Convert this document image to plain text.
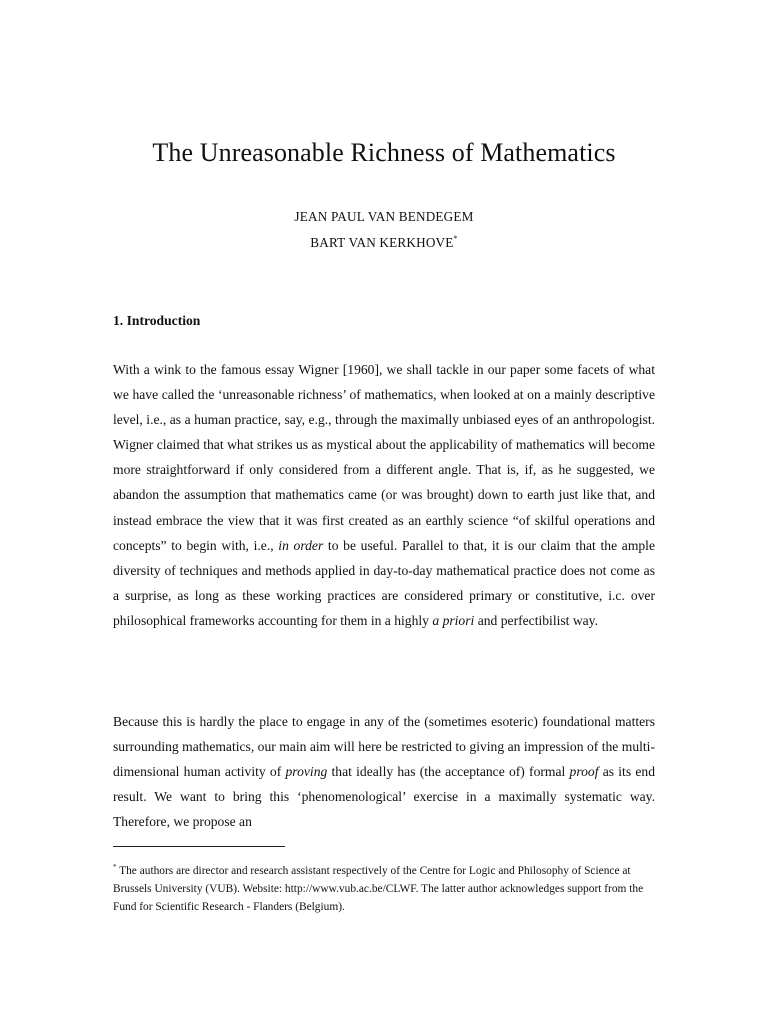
The Unreasonable Richness of Mathematics
JEAN PAUL VAN BENDEGEM
BART VAN KERKHOVE*
1. Introduction

With a wink to the famous essay Wigner [1960], we shall tackle in our paper some facets of what we have called the ‘unreasonable richness’ of mathematics, when looked at on a mainly descriptive level, i.e., as a human practice, say, e.g., through the maximally unbiased eyes of an anthropologist. Wigner claimed that what strikes us as mystical about the applicability of mathematics will become more straightforward if only considered from a different angle. That is, if, as he suggested, we abandon the assumption that mathematics came (or was brought) down to earth just like that, and instead embrace the view that it was first created as an earthly science “of skilful operations and concepts” to begin with, i.e., in order to be useful. Parallel to that, it is our claim that the ample diversity of techniques and methods applied in day-to-day mathematical practice does not come as a surprise, as long as these working practices are considered primary or constitutive, i.c. over philosophical frameworks accounting for them in a highly a priori and perfectibilist way.

Because this is hardly the place to engage in any of the (sometimes esoteric) foundational matters surrounding mathematics, our main aim will here be restricted to giving an impression of the multi-dimensional human activity of proving that ideally has (the acceptance of) formal proof as its end result. We want to bring this ‘phenomenological’ exercise in a maximally systematic way. Therefore, we propose an

* The authors are director and research assistant respectively of the Centre for Logic and Philosophy of Science at Brussels University (VUB). Website: http://www.vub.ac.be/CLWF. The latter author acknowledges support from the Fund for Scientific Research - Flanders (Belgium).
